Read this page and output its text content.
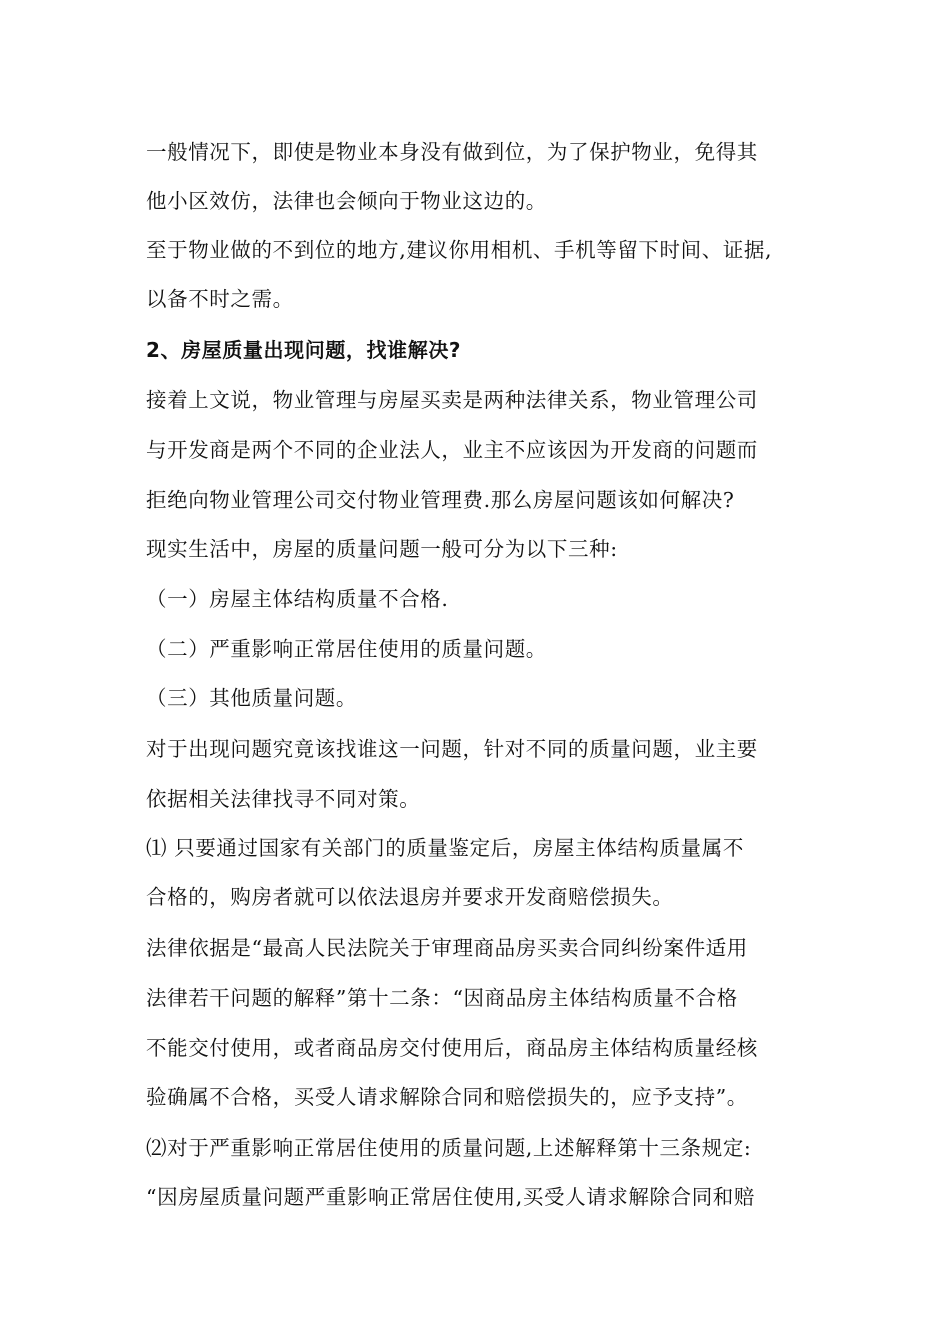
一般情况下，即使是物业本身没有做到位，为了保护物业，免得其
他小区效仿，法律也会倾向于物业这边的。
至于物业做的不到位的地方,建议你用相机、手机等留下时间、证据,
以备不时之需。
2、房屋质量出现问题，找谁解决?
接着上文说，物业管理与房屋买卖是两种法律关系，物业管理公司
与开发商是两个不同的企业法人，业主不应该因为开发商的问题而
拒绝向物业管理公司交付物业管理费.那么房屋问题该如何解决?
现实生活中，房屋的质量问题一般可分为以下三种:
（一）房屋主体结构质量不合格.
（二）严重影响正常居住使用的质量问题。
（三）其他质量问题。
对于出现问题究竟该找谁这一问题，针对不同的质量问题，业主要
依据相关法律找寻不同对策。
⑴ 只要通过国家有关部门的质量鉴定后，房屋主体结构质量属不
合格的，购房者就可以依法退房并要求开发商赔偿损失。
法律依据是“最高人民法院关于审理商品房买卖合同纠纷案件适用
法律若干问题的解释”第十二条：“因商品房主体结构质量不合格
不能交付使用，或者商品房交付使用后，商品房主体结构质量经核
验确属不合格，买受人请求解除合同和赔偿损失的，应予支持”。
⑵对于严重影响正常居住使用的质量问题,上述解释第十三条规定:
“因房屋质量问题严重影响正常居住使用,买受人请求解除合同和赔
